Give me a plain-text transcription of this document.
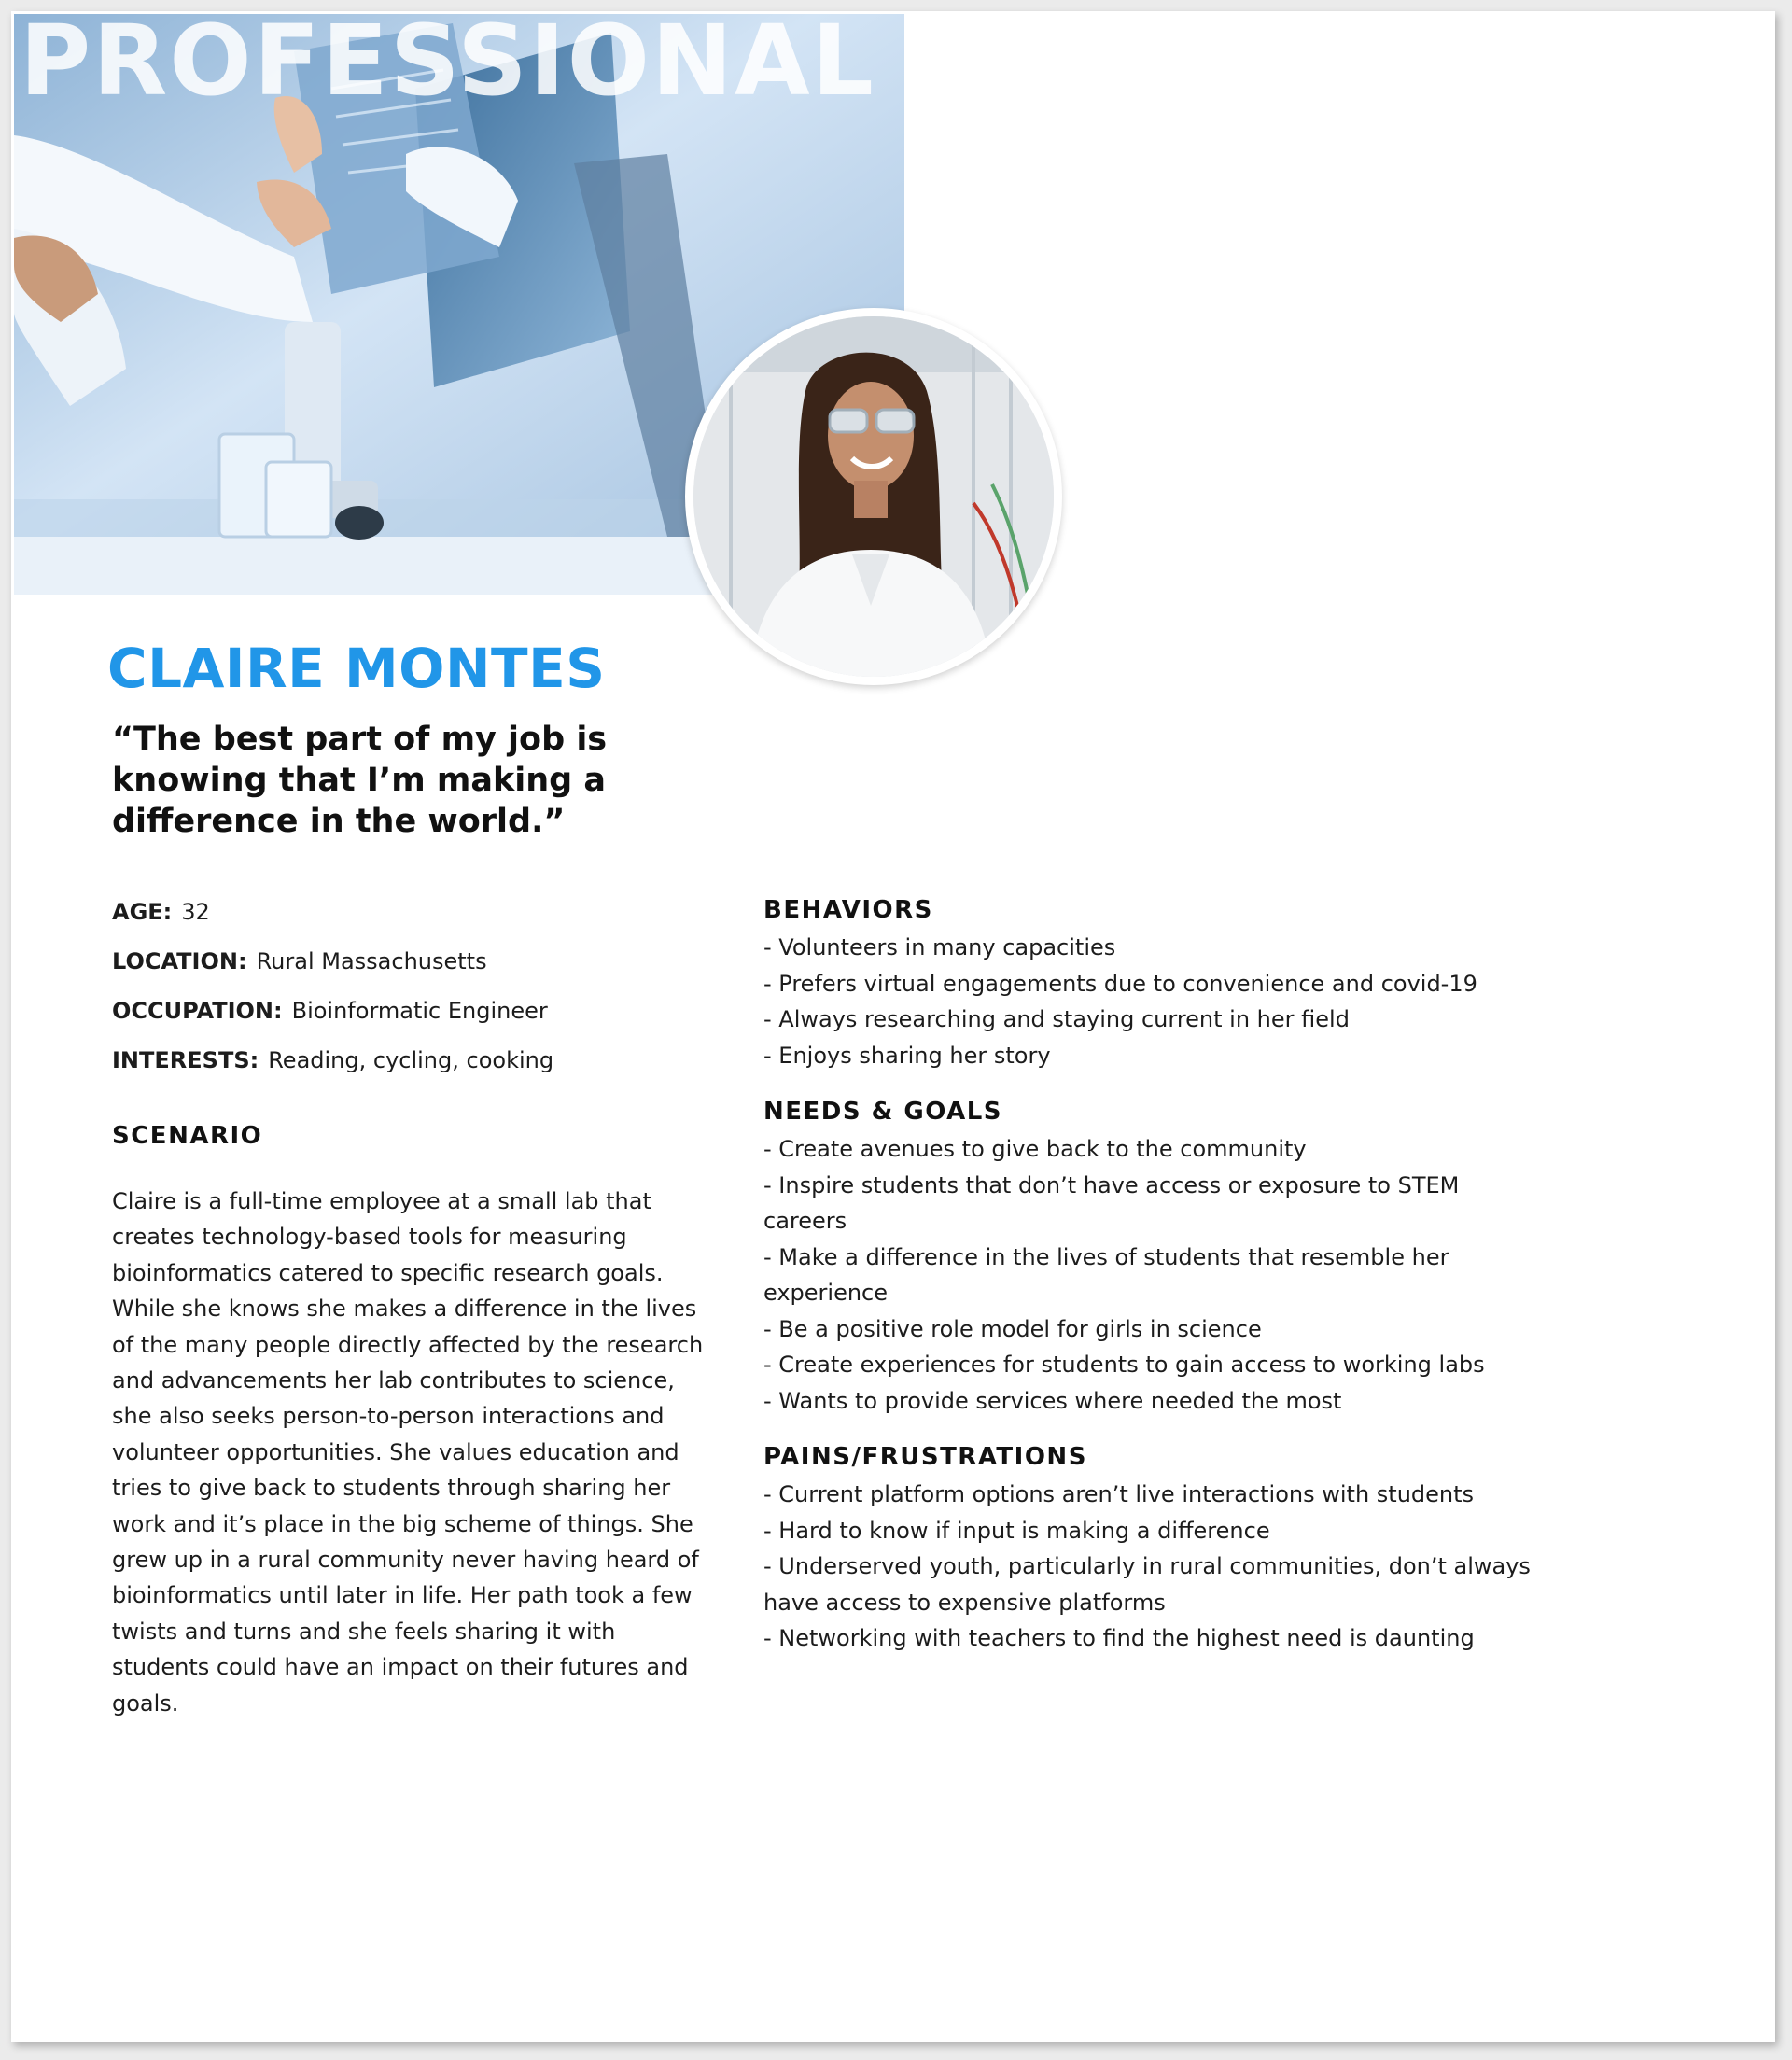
PROFESSIONAL
CLAIRE MONTES
“The best part of my job is knowing that I’m making a difference in the world.”
AGE: 32
LOCATION: Rural Massachusetts
OCCUPATION: Bioinformatic Engineer
INTERESTS: Reading, cycling, cooking
SCENARIO
Claire is a full-time employee at a small lab that creates technology-based tools for measuring bioinformatics catered to specific research goals. While she knows she makes a difference in the lives of the many people directly affected by the research and advancements her lab contributes to science, she also seeks person-to-person interactions and volunteer opportunities. She values education and tries to give back to students through sharing her work and it’s place in the big scheme of things. She grew up in a rural community never having heard of bioinformatics until later in life. Her path took a few twists and turns and she feels sharing it with students could have an impact on their futures and goals.
BEHAVIORS
- Volunteers in many capacities
- Prefers virtual engagements due to convenience and covid-19
- Always researching and staying current in her field
- Enjoys sharing her story
NEEDS & GOALS
- Create avenues to give back to the community
- Inspire students that don’t have access or exposure to STEM careers
- Make a difference in the lives of students that resemble her experience
- Be a positive role model for girls in science
- Create experiences for students to gain access to working labs
- Wants to provide services where needed the most
PAINS/FRUSTRATIONS
- Current platform options aren’t live interactions with students
- Hard to know if input is making a difference
- Underserved youth, particularly in rural communities, don’t always have access to expensive platforms
- Networking with teachers to find the highest need is daunting
